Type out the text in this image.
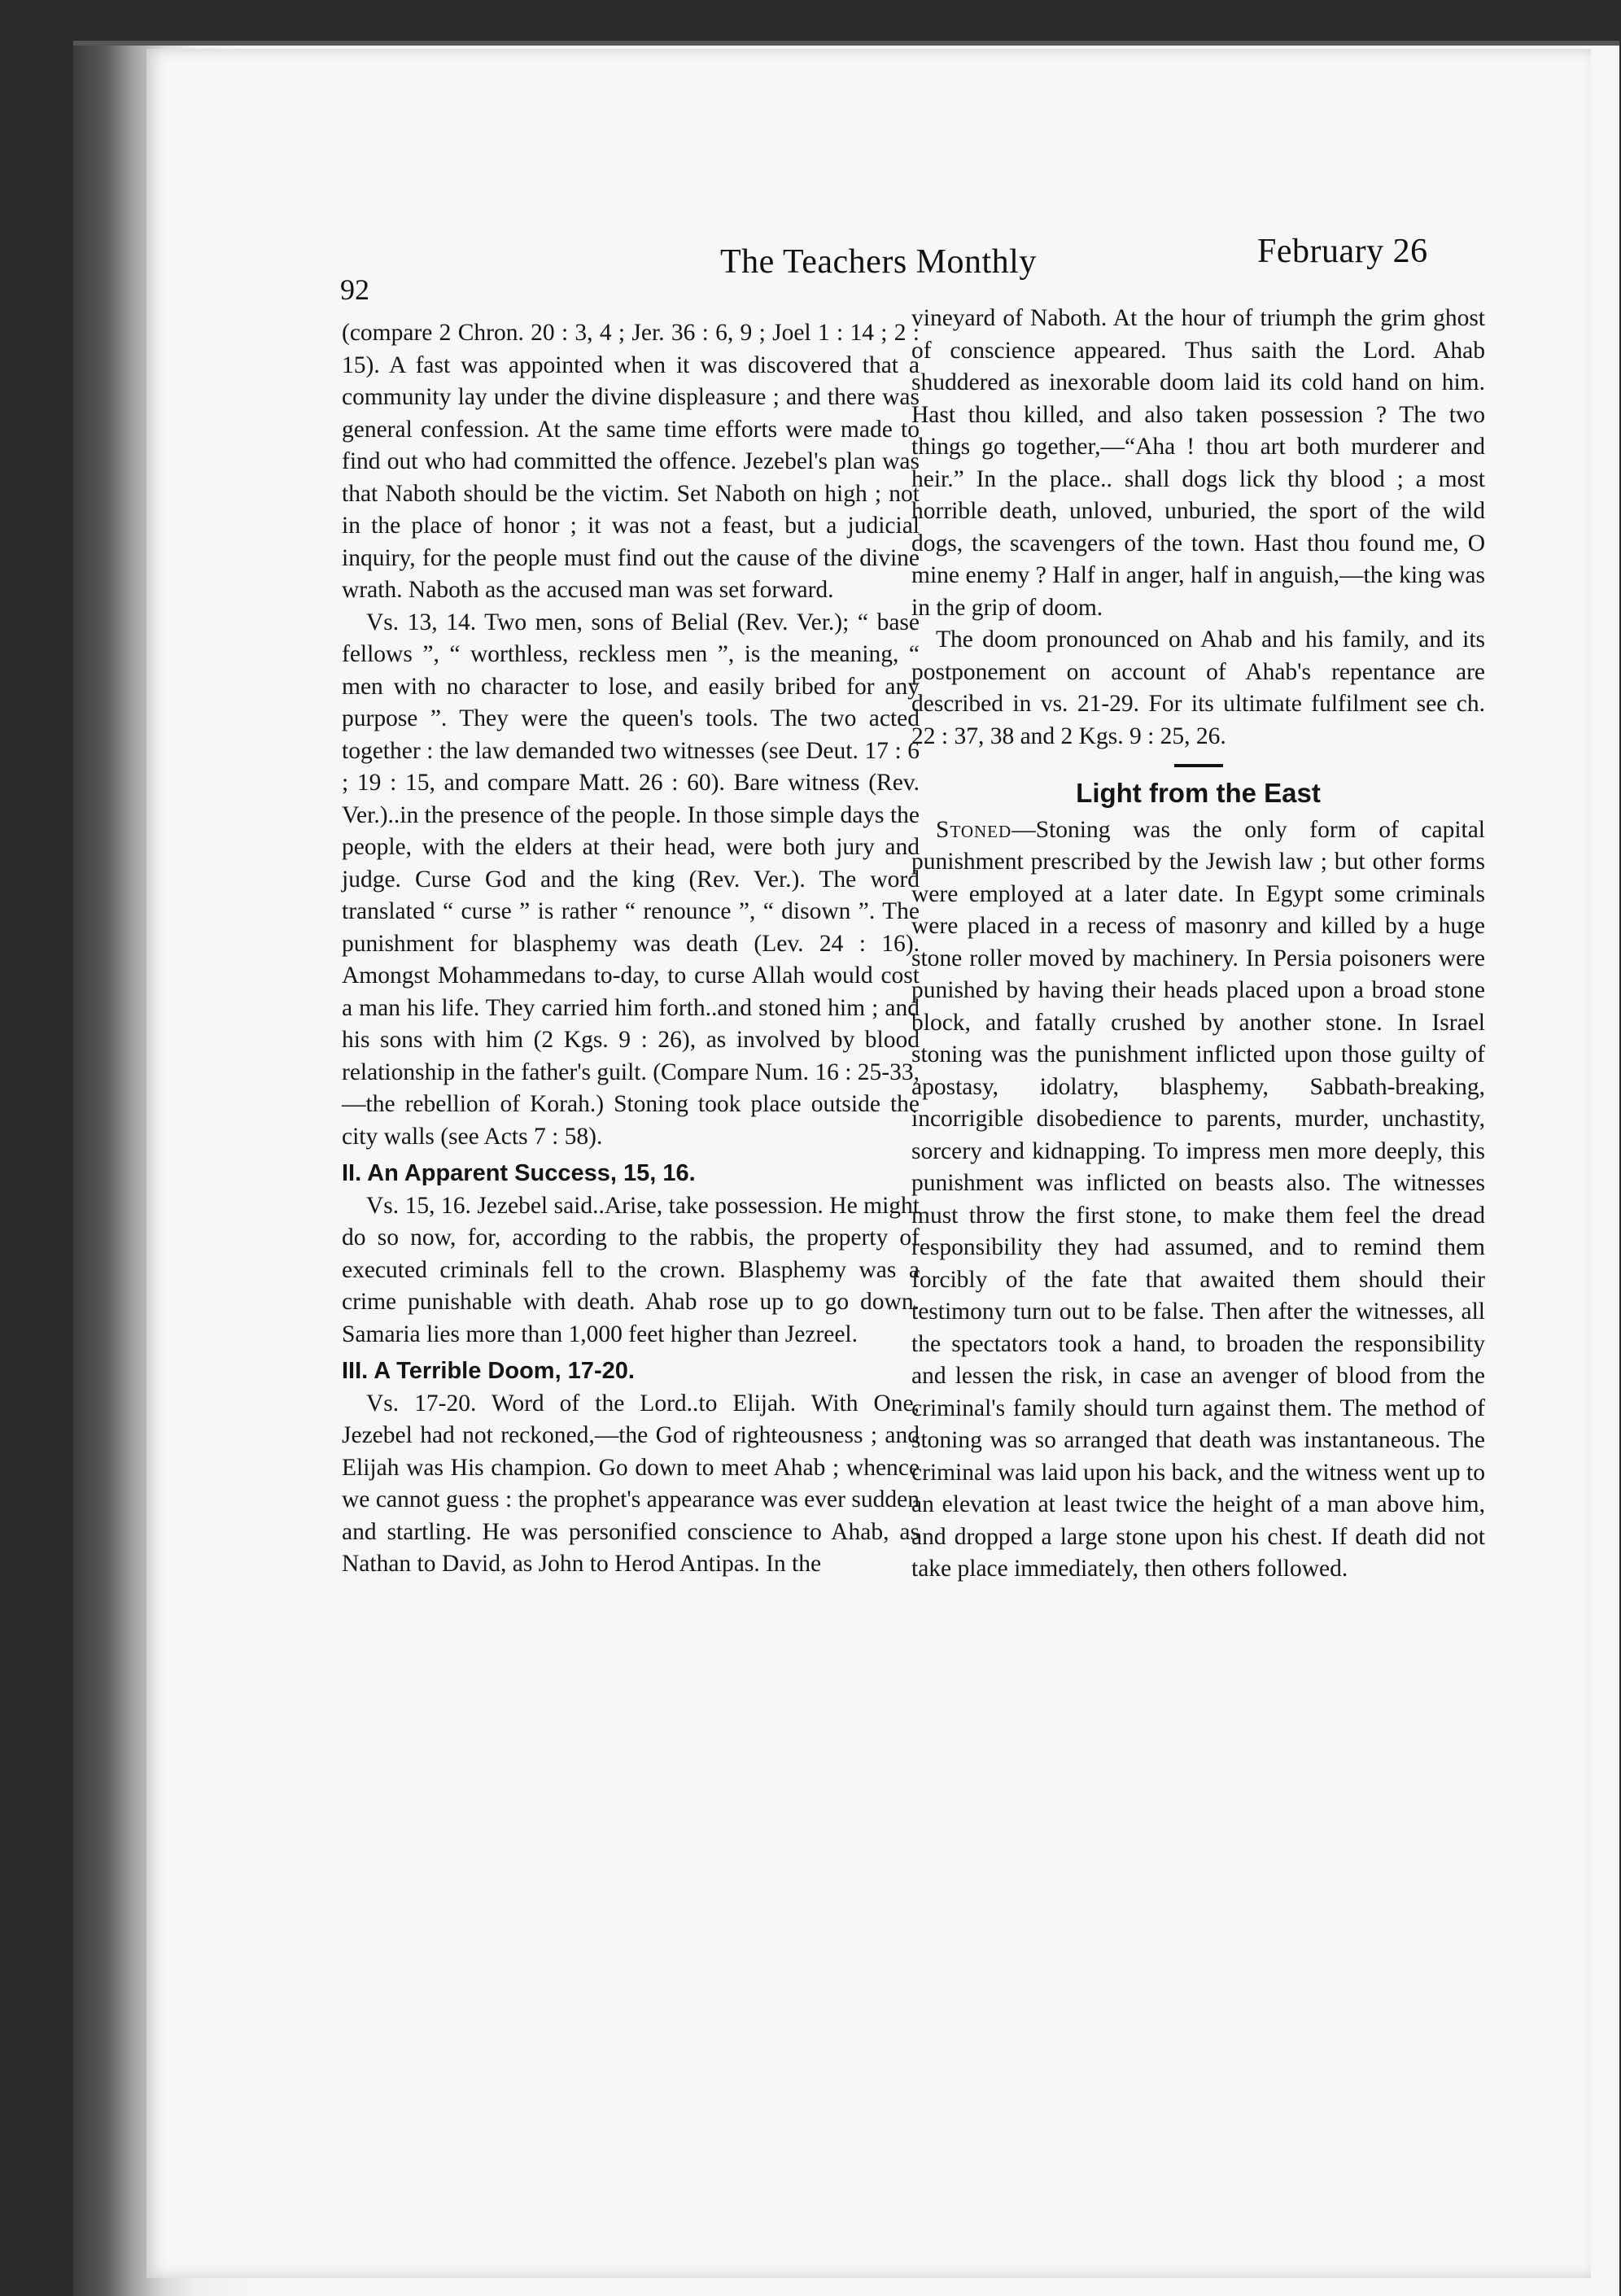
92
The Teachers Monthly	February 26

(compare 2 Chron. 20 : 3, 4 ; Jer. 36 : 6, 9 ; Joel 1 : 14 ; 2 : 15). A fast was appointed when it was discovered that a community lay under the divine displeasure ; and there was general confession. At the same time efforts were made to find out who had committed the offence. Jezebel's plan was that Naboth should be the victim. Set Naboth on high ; not in the place of honor ; it was not a feast, but a judicial inquiry, for the people must find out the cause of the divine wrath. Naboth as the accused man was set forward.

Vs. 13, 14. Two men, sons of Belial (Rev. Ver.); “ base fellows ”, “ worthless, reckless men ”, is the meaning, “ men with no character to lose, and easily bribed for any purpose ”. They were the queen's tools. The two acted together : the law demanded two witnesses (see Deut. 17 : 6 ; 19 : 15, and compare Matt. 26 : 60). Bare witness (Rev. Ver.)..in the presence of the people. In those simple days the people, with the elders at their head, were both jury and judge. Curse God and the king (Rev. Ver.). The word translated “ curse ” is rather “ renounce ”, “ disown ”. The punishment for blasphemy was death (Lev. 24 : 16). Amongst Mohammedans to-day, to curse Allah would cost a man his life. They carried him forth..and stoned him ; and his sons with him (2 Kgs. 9 : 26), as involved by blood relationship in the father's guilt. (Compare Num. 16 : 25-33,—the rebellion of Korah.) Stoning took place outside the city walls (see Acts 7 : 58).

II. An Apparent Success, 15, 16.

Vs. 15, 16. Jezebel said..Arise, take possession. He might do so now, for, according to the rabbis, the property of executed criminals fell to the crown. Blasphemy was a crime punishable with death. Ahab rose up to go down. Samaria lies more than 1,000 feet higher than Jezreel.

III. A Terrible Doom, 17-20.

Vs. 17-20. Word of the Lord..to Elijah. With One, Jezebel had not reckoned,—the God of righteousness ; and Elijah was His champion. Go down to meet Ahab ; whence we cannot guess : the prophet's appearance was ever sudden and startling. He was personified conscience to Ahab, as Nathan to David, as John to Herod Antipas. In the

vineyard of Naboth. At the hour of triumph the grim ghost of conscience appeared. Thus saith the Lord. Ahab shuddered as inexorable doom laid its cold hand on him. Hast thou killed, and also taken possession ? The two things go together,—“Aha ! thou art both murderer and heir.” In the place.. shall dogs lick thy blood ; a most horrible death, unloved, unburied, the sport of the wild dogs, the scavengers of the town. Hast thou found me, O mine enemy ? Half in anger, half in anguish,—the king was in the grip of doom.

The doom pronounced on Ahab and his family, and its postponement on account of Ahab's repentance are described in vs. 21-29. For its ultimate fulfilment see ch. 22 : 37, 38 and 2 Kgs. 9 : 25, 26.

Light from the East

Stoned—Stoning was the only form of capital punishment prescribed by the Jewish law ; but other forms were employed at a later date. In Egypt some criminals were placed in a recess of masonry and killed by a huge stone roller moved by machinery. In Persia poisoners were punished by having their heads placed upon a broad stone block, and fatally crushed by another stone. In Israel stoning was the punishment inflicted upon those guilty of apostasy, idolatry, blasphemy, Sabbath-breaking, incorrigible disobedience to parents, murder, unchastity, sorcery and kidnapping. To impress men more deeply, this punishment was inflicted on beasts also. The witnesses must throw the first stone, to make them feel the dread responsibility they had assumed, and to remind them forcibly of the fate that awaited them should their testimony turn out to be false. Then after the witnesses, all the spectators took a hand, to broaden the responsibility and lessen the risk, in case an avenger of blood from the criminal's family should turn against them. The method of stoning was so arranged that death was instantaneous. The criminal was laid upon his back, and the witness went up to an elevation at least twice the height of a man above him, and dropped a large stone upon his chest. If death did not take place immediately, then others followed.
